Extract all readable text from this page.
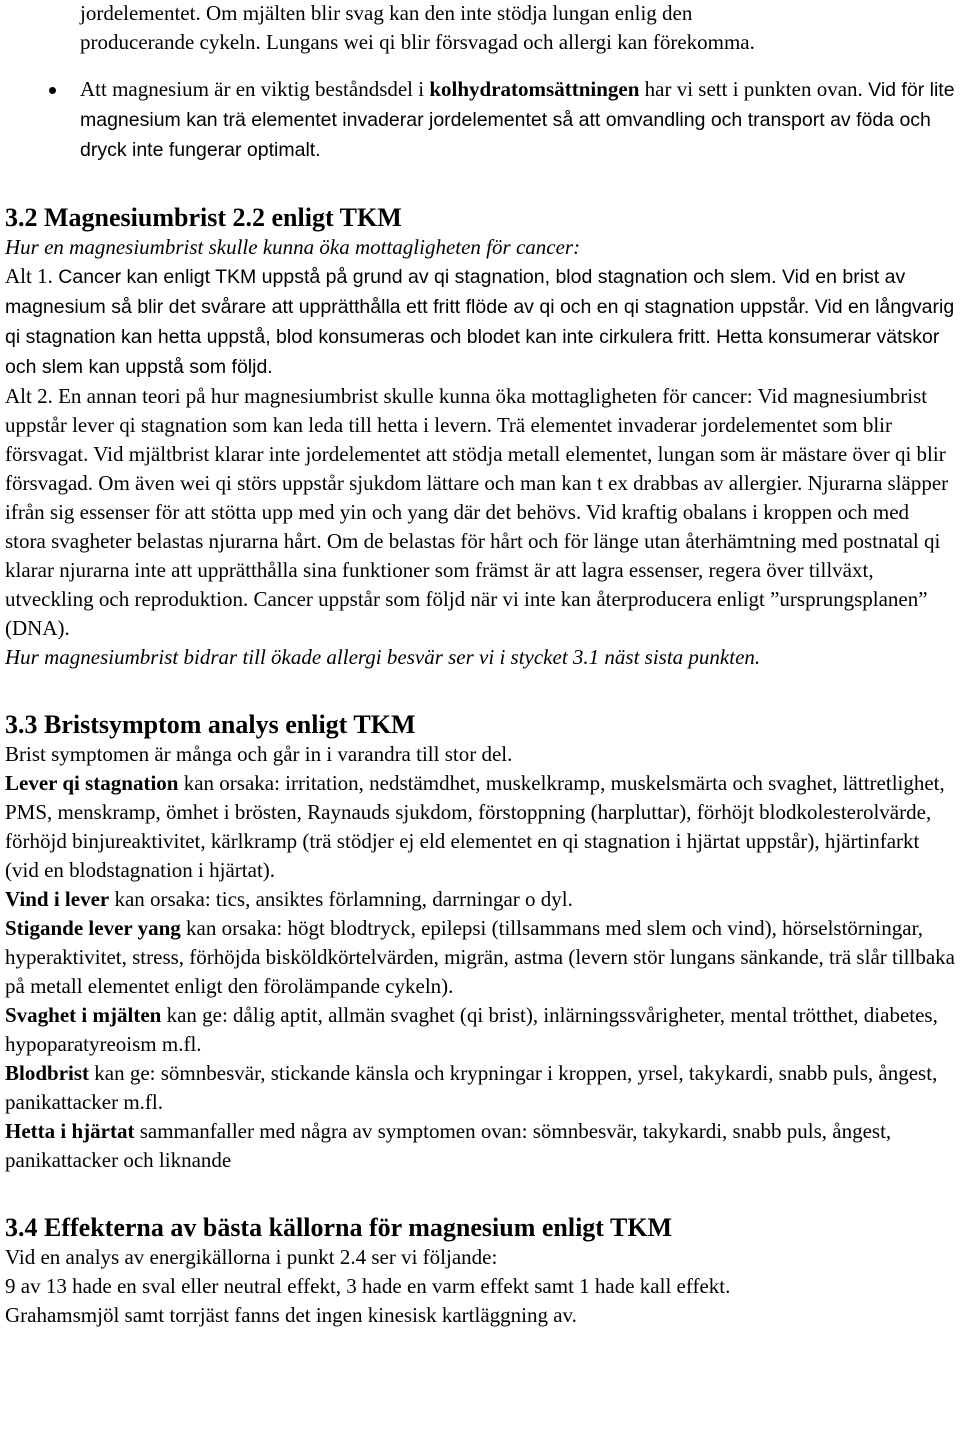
jordelementet. Om mjälten blir svag kan den inte stödja lungan enlig den
producerande cykeln. Lungans wei qi blir försvagad och allergi kan förekomma.

Att magnesium är en viktig beståndsdel i kolhydratomsättningen har vi sett i punkten ovan. Vid för lite magnesium kan trä elementet invaderar jordelementet så att omvandling och transport av föda och dryck inte fungerar optimalt.

3.2 Magnesiumbrist 2.2 enligt TKM

Hur en magnesiumbrist skulle kunna öka mottagligheten för cancer:

Alt 1. Cancer kan enligt TKM uppstå på grund av qi stagnation, blod stagnation och slem. Vid en brist av magnesium så blir det svårare att upprätthålla ett fritt flöde av qi och en qi stagnation uppstår. Vid en långvarig qi stagnation kan hetta uppstå, blod konsumeras och blodet kan inte cirkulera fritt. Hetta konsumerar vätskor och slem kan uppstå som följd.

Alt 2. En annan teori på hur magnesiumbrist skulle kunna öka mottagligheten för cancer: Vid magnesiumbrist uppstår lever qi stagnation som kan leda till hetta i levern. Trä elementet invaderar jordelementet som blir försvagat. Vid mjältbrist klarar inte jordelementet att stödja metall elementet, lungan som är mästare över qi blir försvagad. Om även wei qi störs uppstår sjukdom lättare och man kan t ex drabbas av allergier. Njurarna släpper ifrån sig essenser för att stötta upp med yin och yang där det behövs. Vid kraftig obalans i kroppen och med stora svagheter belastas njurarna hårt. Om de belastas för hårt och för länge utan återhämtning med postnatal qi klarar njurarna inte att upprätthålla sina funktioner som främst är att lagra essenser, regera över tillväxt, utveckling och reproduktion. Cancer uppstår som följd när vi inte kan återproducera enligt ”ursprungsplanen” (DNA).

Hur magnesiumbrist bidrar till ökade allergi besvär ser vi i stycket 3.1 näst sista punkten.

3.3 Bristsymptom analys enligt TKM

Brist symptomen är många och går in i varandra till stor del.

Lever qi stagnation kan orsaka: irritation, nedstämdhet, muskelkramp, muskelsmärta och svaghet, lättretlighet, PMS, menskramp, ömhet i brösten, Raynauds sjukdom, förstoppning (harpluttar), förhöjt blodkolesterolvärde, förhöjd binjureaktivitet, kärlkramp (trä stödjer ej eld elementet en qi stagnation i hjärtat uppstår), hjärtinfarkt (vid en blodstagnation i hjärtat).

Vind i lever kan orsaka: tics, ansiktes förlamning, darrningar o dyl.

Stigande lever yang kan orsaka: högt blodtryck, epilepsi (tillsammans med slem och vind), hörselstörningar, hyperaktivitet, stress, förhöjda bisköldkörtelvärden, migrän, astma (levern stör lungans sänkande, trä slår tillbaka på metall elementet enligt den förolämpande cykeln).

Svaghet i mjälten kan ge: dålig aptit, allmän svaghet (qi brist), inlärningssvårigheter, mental trötthet, diabetes, hypoparatyreoism m.fl.

Blodbrist kan ge: sömnbesvär, stickande känsla och krypningar i kroppen, yrsel, takykardi, snabb puls, ångest, panikattacker m.fl.

Hetta i hjärtat sammanfaller med några av symptomen ovan: sömnbesvär, takykardi, snabb puls, ångest, panikattacker och liknande

3.4 Effekterna av bästa källorna för magnesium enligt TKM

Vid en analys av energikällorna i punkt 2.4 ser vi följande:

9 av 13 hade en sval eller neutral effekt, 3 hade en varm effekt samt 1 hade kall effekt.

Grahamsmjöl samt torrjäst fanns det ingen kinesisk kartläggning av.
